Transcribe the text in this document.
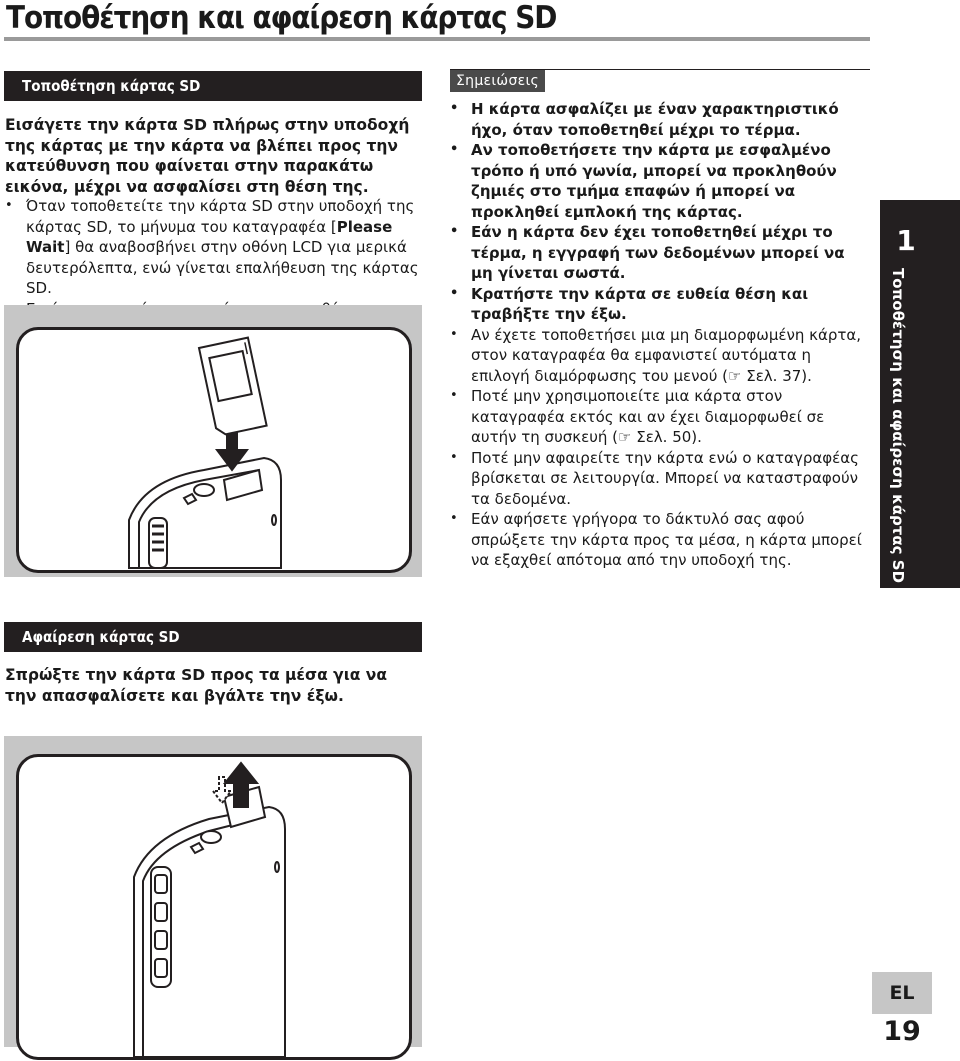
Τοποθέτηση και αφαίρεση κάρτας SD
Τοποθέτηση κάρτας SD
Εισάγετε την κάρτα SD πλήρως στην υποδοχή της κάρτας με την κάρτα να βλέπει προς την κατεύθυνση που φαίνεται στην παρακάτω εικόνα, μέχρι να ασφαλίσει στη θέση της.
• Όταν τοποθετείτε την κάρτα SD στην υποδοχή της κάρτας SD, το μήνυμα του καταγραφέα [Please Wait] θα αναβοσβήνει στην οθόνη LCD για μερικά δευτερόλεπτα, ενώ γίνεται επαλήθευση της κάρτας SD.
•
Σημειώσεις
• Η κάρτα ασφαλίζει με έναν χαρακτηριστικό ήχο, όταν τοποθετηθεί μέχρι το τέρμα.
• Αν τοποθετήσετε την κάρτα με εσφαλμένο τρόπο ή υπό γωνία, μπορεί να προκληθούν ζημιές στο τμήμα επαφών ή μπορεί να προκληθεί εμπλοκή της κάρτας.
• Εάν η κάρτα δεν έχει τοποθετηθεί μέχρι το τέρμα, η εγγραφή των δεδομένων μπορεί να μη γίνεται σωστά.
• Κρατήστε την κάρτα σε ευθεία θέση και τραβήξτε την έξω.
• Αν έχετε τοποθετήσει μια μη διαμορφωμένη κάρτα, στον καταγραφέα θα εμφανιστεί αυτόματα η επιλογή διαμόρφωσης του μενού (☞ Σελ. 37).
• Ποτέ μην χρησιμοποιείτε μια κάρτα στον καταγραφέα εκτός και αν έχει διαμορφωθεί σε αυτήν τη συσκευή (☞ Σελ. 50).
• Ποτέ μην αφαιρείτε την κάρτα ενώ ο καταγραφέας βρίσκεται σε λειτουργία. Μπορεί να καταστραφούν τα δεδομένα.
• Εάν αφήσετε γρήγορα το δάκτυλό σας αφού σπρώξετε την κάρτα προς τα μέσα, η κάρτα μπορεί να εξαχθεί απότομα από την υποδοχή της.
1
Τοποθέτηση και αφαίρεση κάρτας SD
Αφαίρεση κάρτας SD
Σπρώξτε την κάρτα SD προς τα μέσα για να την απασφαλίσετε και βγάλτε την έξω.
EL
19
